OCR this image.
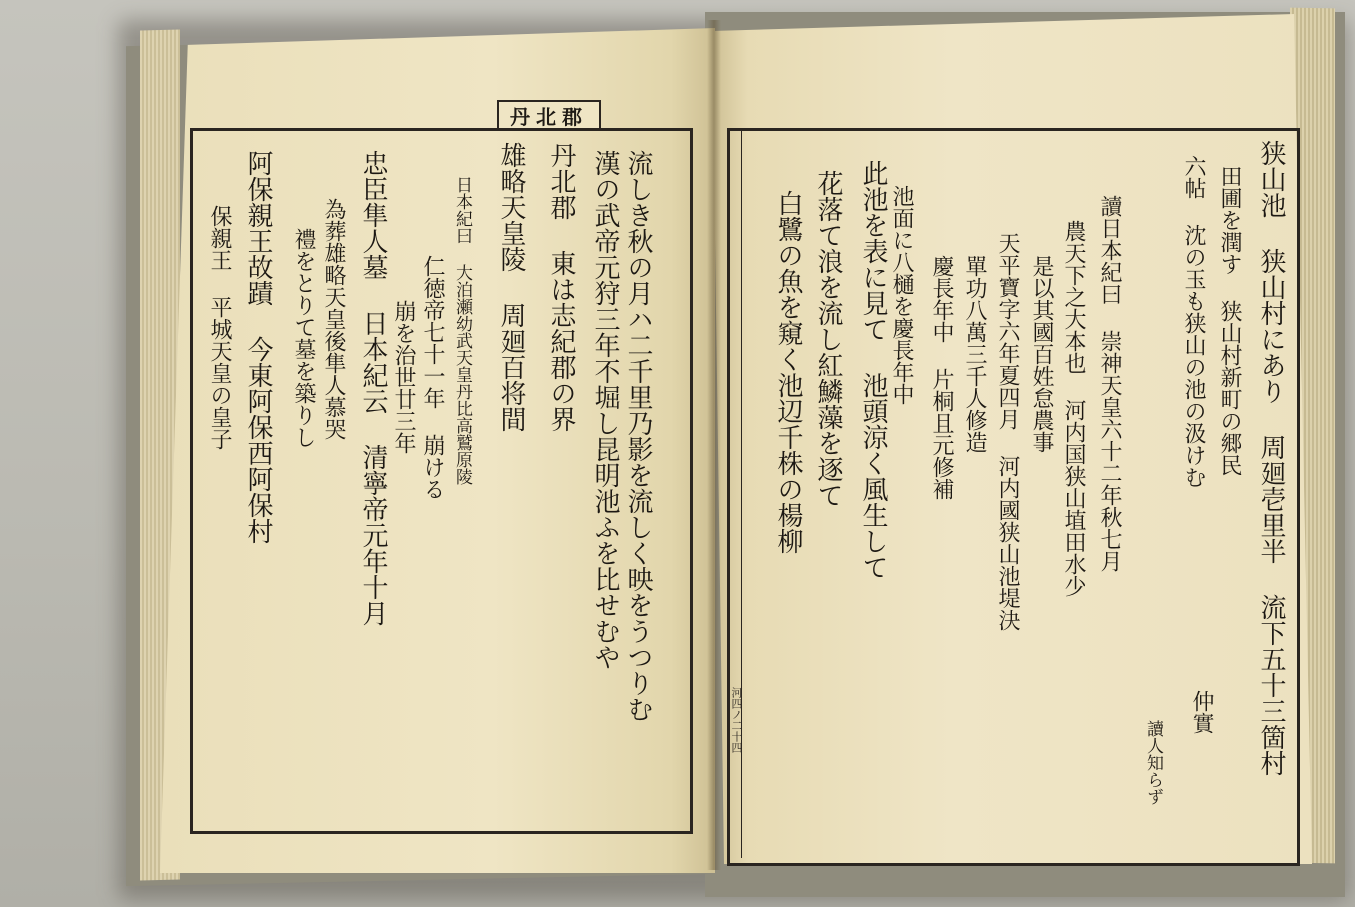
丹北郡
河四ノ二十四
流しき秋の月ハ二千里乃影を流しく映をうつりむ
漢の武帝元狩三年不堀し昆明池ふを比せむや
丹北郡 東は志紀郡の界
雄略天皇陵 周廻百将間
日本紀曰 大泊瀬幼武天皇丹比高鷲原陵
仁徳帝七十一年 崩ける
崩を治世廿三年
忠臣隼人墓 日本紀云 清寧帝元年十月
為葬雄略天皇後隼人慕哭
禮をとりて墓を築りし
阿保親王故蹟 今東阿保西阿保村
保親王 平城天皇の皇子	狭山池 狭山村にあり 周廻壱里半 流下五十三箇村
田圃を潤す 狭山村新町の郷民
六帖 沈の玉も狭山の池の汲けむ
讀日本紀曰 崇神天皇六十二年秋七月
農天下之大本也 河内国狭山埴田水少
是以其國百姓怠農事
天平寶字六年夏四月 河内國狭山池堤決
單功八萬三千人修造
慶長年中 片桐且元修補
池面に八樋を慶長年中
此池を表に見て 池頭涼く風生して
花落て浪を流し紅鱗藻を逐て
白鷺の魚を窺く池辺千株の楊柳
仲實
讀人知らず
